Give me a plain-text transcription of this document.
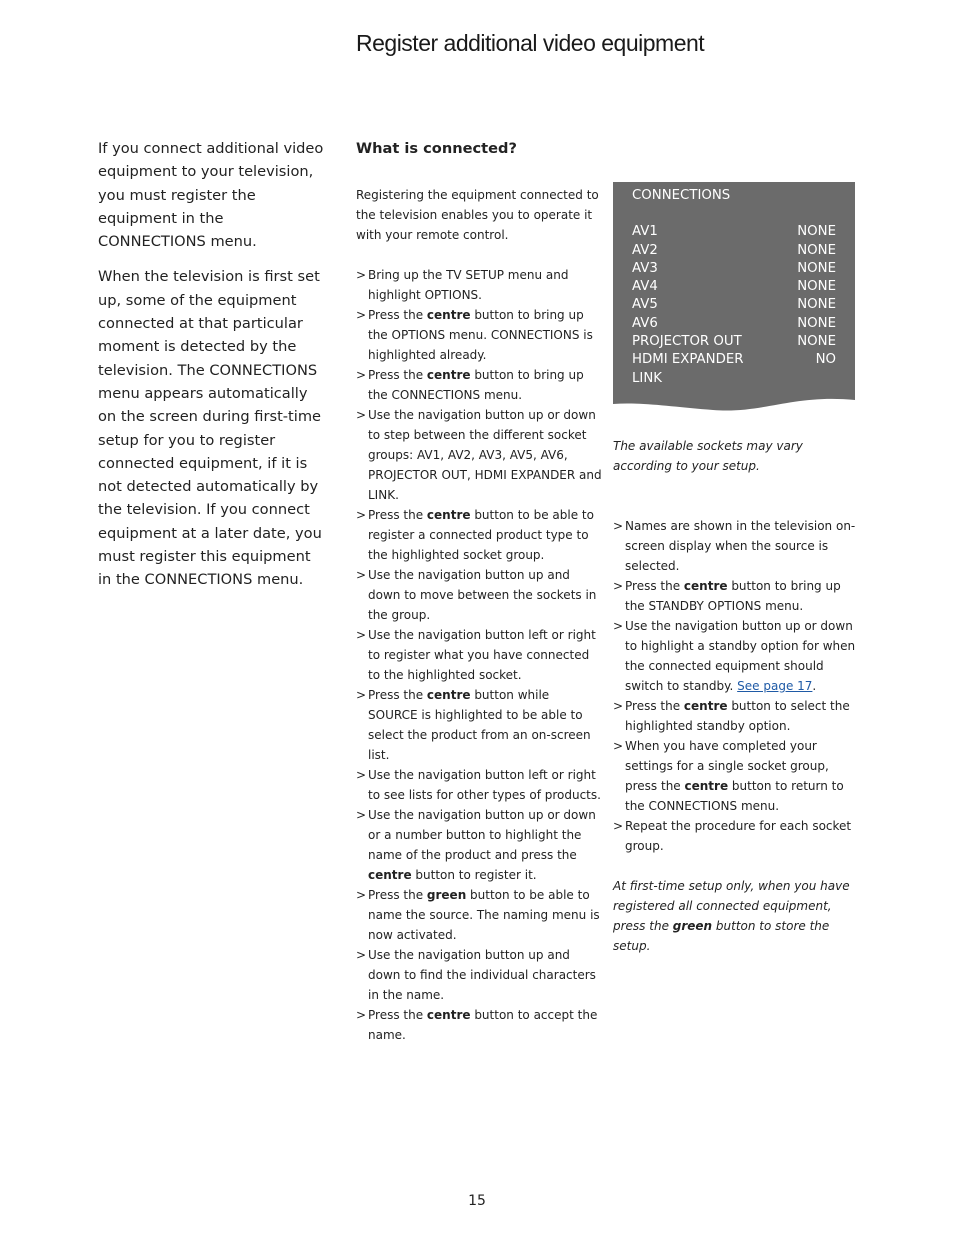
Register additional video equipment

If you connect additional video equipment to your television, you must register the equipment in the CONNECTIONS menu.

When the television is first set up, some of the equipment connected at that particular moment is detected by the television. The CONNECTIONS menu appears automatically on the screen during first-time setup for you to register connected equipment, if it is not detected automatically by the television. If you connect equipment at a later date, you must register this equipment in the CONNECTIONS menu.

What is connected?
Registering the equipment connected to the television enables you to operate it with your remote control.
> Bring up the TV SETUP menu and highlight OPTIONS.
> Press the centre button to bring up the OPTIONS menu. CONNECTIONS is highlighted already.
> Press the centre button to bring up the CONNECTIONS menu.
> Use the navigation button up or down to step between the different socket groups: AV1, AV2, AV3, AV5, AV6, PROJECTOR OUT, HDMI EXPANDER and LINK.
> Press the centre button to be able to register a connected product type to the highlighted socket group.
> Use the navigation button up and down to move between the sockets in the group.
> Use the navigation button left or right to register what you have connected to the highlighted socket.
> Press the centre button while SOURCE is highlighted to be able to select the product from an on-screen list.
> Use the navigation button left or right to see lists for other types of products.
> Use the navigation button up or down or a number button to highlight the name of the product and press the centre button to register it.
> Press the green button to be able to name the source. The naming menu is now activated.
> Use the navigation button up and down to find the individual characters in the name.
> Press the centre button to accept the name.
CONNECTIONS
AV1	NONE
AV2	NONE
AV3	NONE
AV4	NONE
AV5	NONE
AV6	NONE
PROJECTOR OUT	NONE
HDMI EXPANDER	NO
LINK
The available sockets may vary according to your setup.
> Names are shown in the television on-screen display when the source is selected.
> Press the centre button to bring up the STANDBY OPTIONS menu.
> Use the navigation button up or down to highlight a standby option for when the connected equipment should switch to standby. See page 17.
> Press the centre button to select the highlighted standby option.
> When you have completed your settings for a single socket group, press the centre button to return to the CONNECTIONS menu.
> Repeat the procedure for each socket group.
At first-time setup only, when you have registered all connected equipment, press the green button to store the setup.
15
